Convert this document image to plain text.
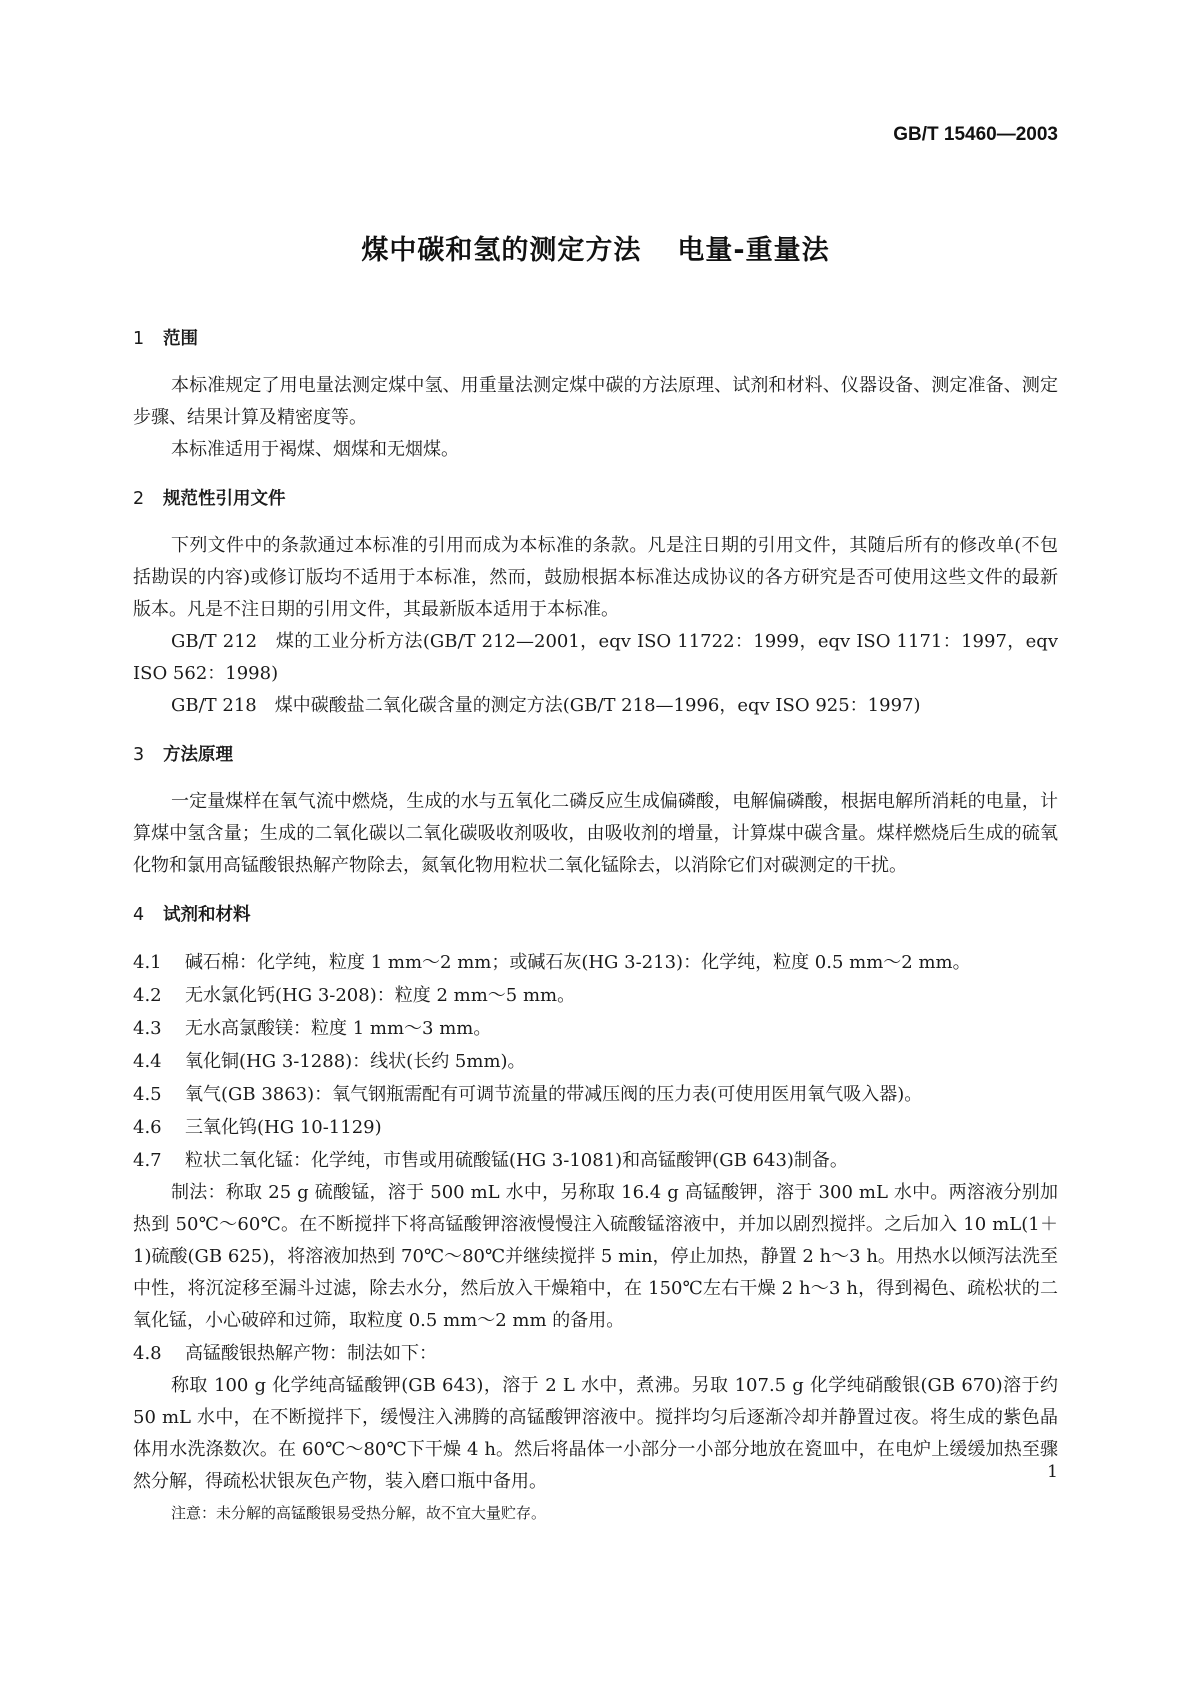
GB/T 15460—2003
煤中碳和氢的测定方法 电量-重量法
1 范围

本标准规定了用电量法测定煤中氢、用重量法测定煤中碳的方法原理、试剂和材料、仪器设备、测定准备、测定步骤、结果计算及精密度等。

本标准适用于褐煤、烟煤和无烟煤。

2 规范性引用文件

下列文件中的条款通过本标准的引用而成为本标准的条款。凡是注日期的引用文件，其随后所有的修改单(不包括勘误的内容)或修订版均不适用于本标准，然而，鼓励根据本标准达成协议的各方研究是否可使用这些文件的最新版本。凡是不注日期的引用文件，其最新版本适用于本标准。

GB/T 212　煤的工业分析方法(GB/T 212—2001，eqv ISO 11722：1999，eqv ISO 1171：1997，eqv ISO 562：1998)

GB/T 218　煤中碳酸盐二氧化碳含量的测定方法(GB/T 218—1996，eqv ISO 925：1997)

3 方法原理

一定量煤样在氧气流中燃烧，生成的水与五氧化二磷反应生成偏磷酸，电解偏磷酸，根据电解所消耗的电量，计算煤中氢含量；生成的二氧化碳以二氧化碳吸收剂吸收，由吸收剂的增量，计算煤中碳含量。煤样燃烧后生成的硫氧化物和氯用高锰酸银热解产物除去，氮氧化物用粒状二氧化锰除去，以消除它们对碳测定的干扰。

4 试剂和材料

4.1 碱石棉：化学纯，粒度 1 mm～2 mm；或碱石灰(HG 3-213)：化学纯，粒度 0.5 mm～2 mm。

4.2 无水氯化钙(HG 3-208)：粒度 2 mm～5 mm。

4.3 无水高氯酸镁：粒度 1 mm～3 mm。

4.4 氧化铜(HG 3-1288)：线状(长约 5mm)。

4.5 氧气(GB 3863)：氧气钢瓶需配有可调节流量的带减压阀的压力表(可使用医用氧气吸入器)。

4.6 三氧化钨(HG 10-1129)

4.7 粒状二氧化锰：化学纯，市售或用硫酸锰(HG 3-1081)和高锰酸钾(GB 643)制备。

制法：称取 25 g 硫酸锰，溶于 500 mL 水中，另称取 16.4 g 高锰酸钾，溶于 300 mL 水中。两溶液分别加热到 50℃～60℃。在不断搅拌下将高锰酸钾溶液慢慢注入硫酸锰溶液中，并加以剧烈搅拌。之后加入 10 mL(1＋1)硫酸(GB 625)，将溶液加热到 70℃～80℃并继续搅拌 5 min，停止加热，静置 2 h～3 h。用热水以倾泻法洗至中性，将沉淀移至漏斗过滤，除去水分，然后放入干燥箱中，在 150℃左右干燥 2 h～3 h，得到褐色、疏松状的二氧化锰，小心破碎和过筛，取粒度 0.5 mm～2 mm 的备用。

4.8 高锰酸银热解产物：制法如下：

称取 100 g 化学纯高锰酸钾(GB 643)，溶于 2 L 水中，煮沸。另取 107.5 g 化学纯硝酸银(GB 670)溶于约 50 mL 水中，在不断搅拌下，缓慢注入沸腾的高锰酸钾溶液中。搅拌均匀后逐渐冷却并静置过夜。将生成的紫色晶体用水洗涤数次。在 60℃～80℃下干燥 4 h。然后将晶体一小部分一小部分地放在瓷皿中，在电炉上缓缓加热至骤然分解，得疏松状银灰色产物，装入磨口瓶中备用。

注意：未分解的高锰酸银易受热分解，故不宜大量贮存。

1
